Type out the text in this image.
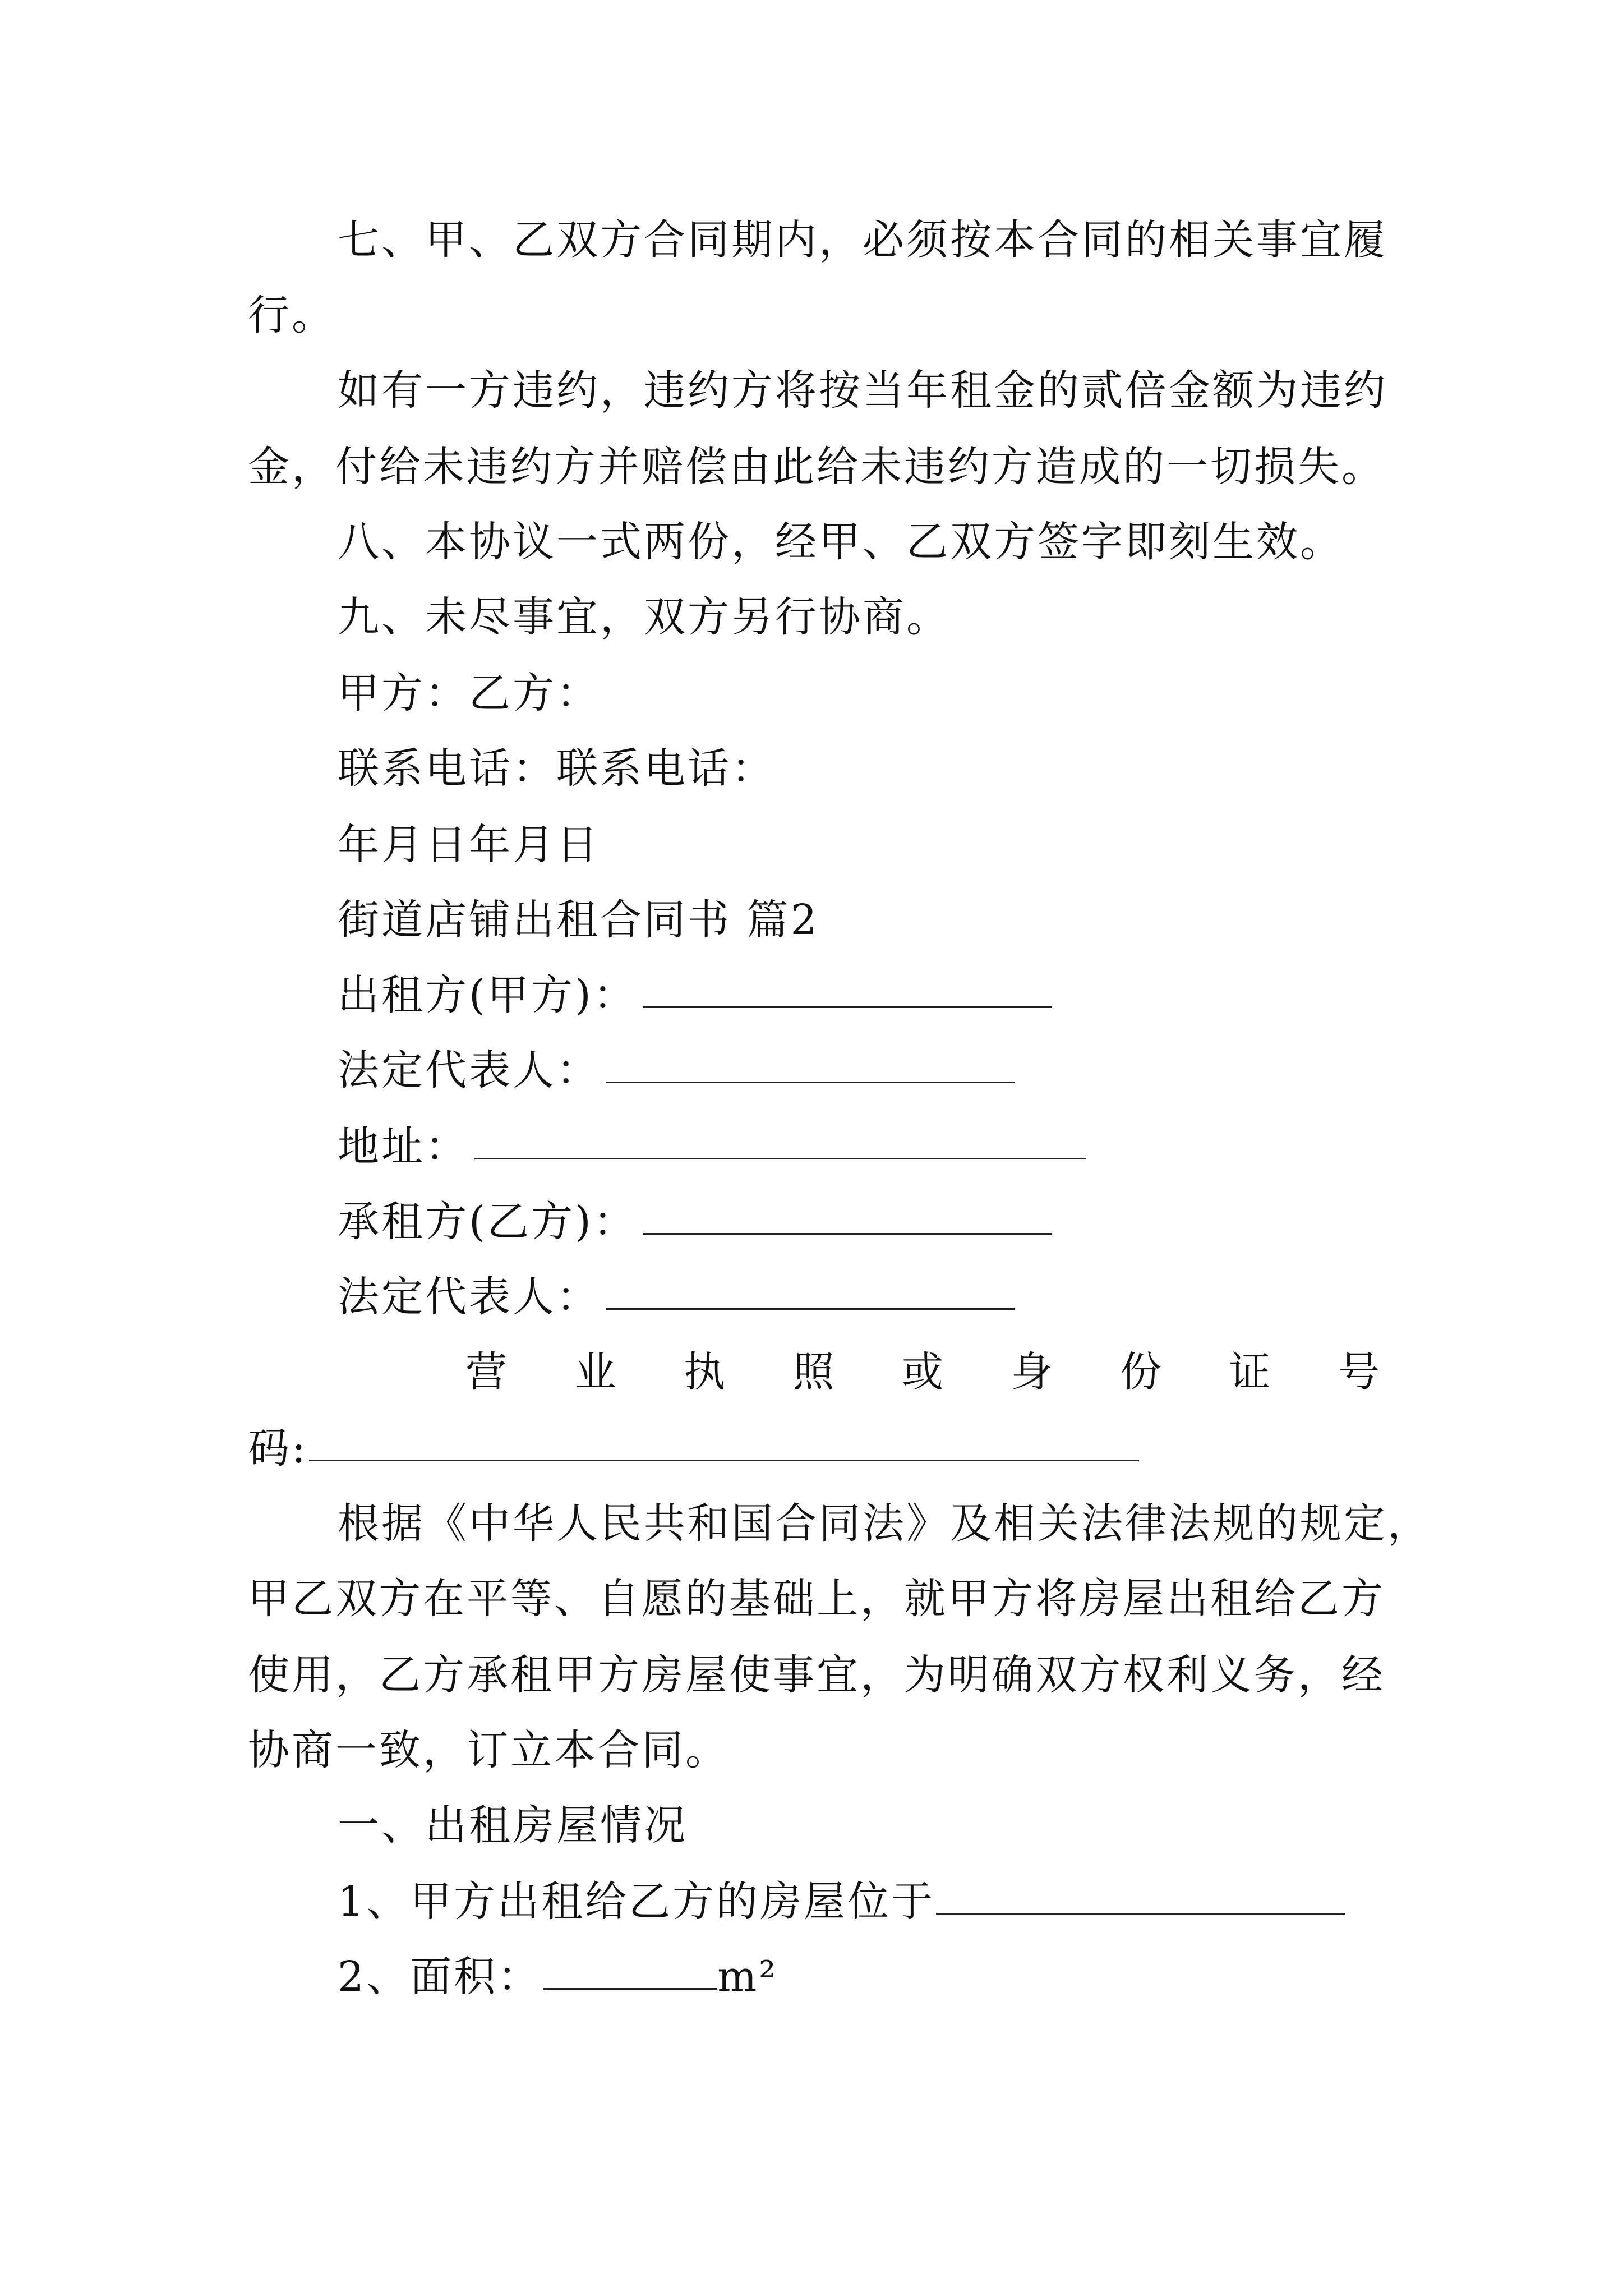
七、甲、乙双方合同期内，必须按本合同的相关事宜履
行。
如有一方违约，违约方将按当年租金的贰倍金额为违约
金，付给未违约方并赔偿由此给未违约方造成的一切损失。
八、本协议一式两份，经甲、乙双方签字即刻生效。
九、未尽事宜，双方另行协商。
甲方：乙方：
联系电话：联系电话：
年月日年月日
街道店铺出租合同书 篇2
出租方(甲方)：
法定代表人：
地址：
承租方(乙方)：
法定代表人：
营 业 执 照 或 身 份 证 号
码:
根据《中华人民共和国合同法》及相关法律法规的规定，
甲乙双方在平等、自愿的基础上，就甲方将房屋出租给乙方
使用，乙方承租甲方房屋使事宜，为明确双方权利义务，经
协商一致，订立本合同。
一、出租房屋情况
1、甲方出租给乙方的房屋位于
2、面积：	m²
